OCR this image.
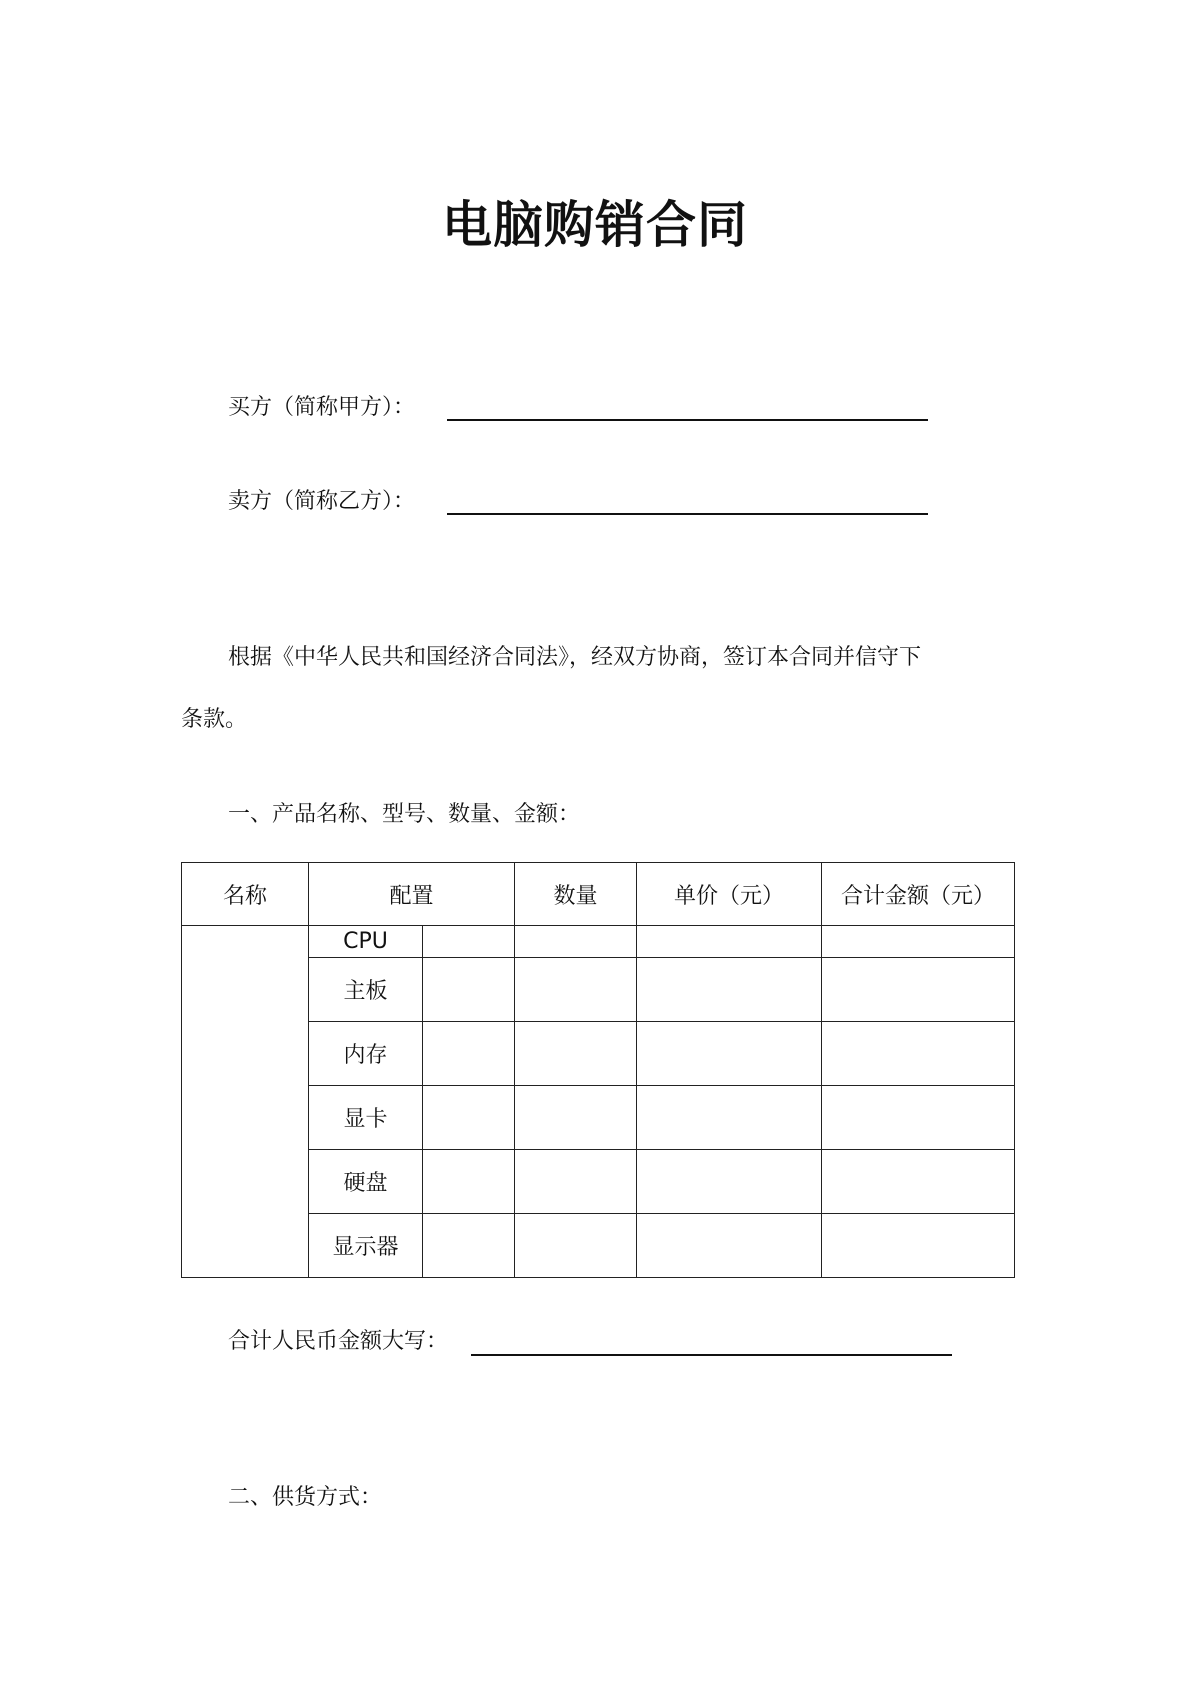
电脑购销合同
买方（简称甲方）：
卖方（简称乙方）：
根据《中华人民共和国经济合同法》，经双方协商，签订本合同并信守下
条款。
一、产品名称、型号、数量、金额：
名称	配置		数量	单价（元）	合计金额（元）
	CPU				
	主板				
	内存				
	显卡				
	硬盘				
	显示器				
合计人民币金额大写：
二、供货方式：
